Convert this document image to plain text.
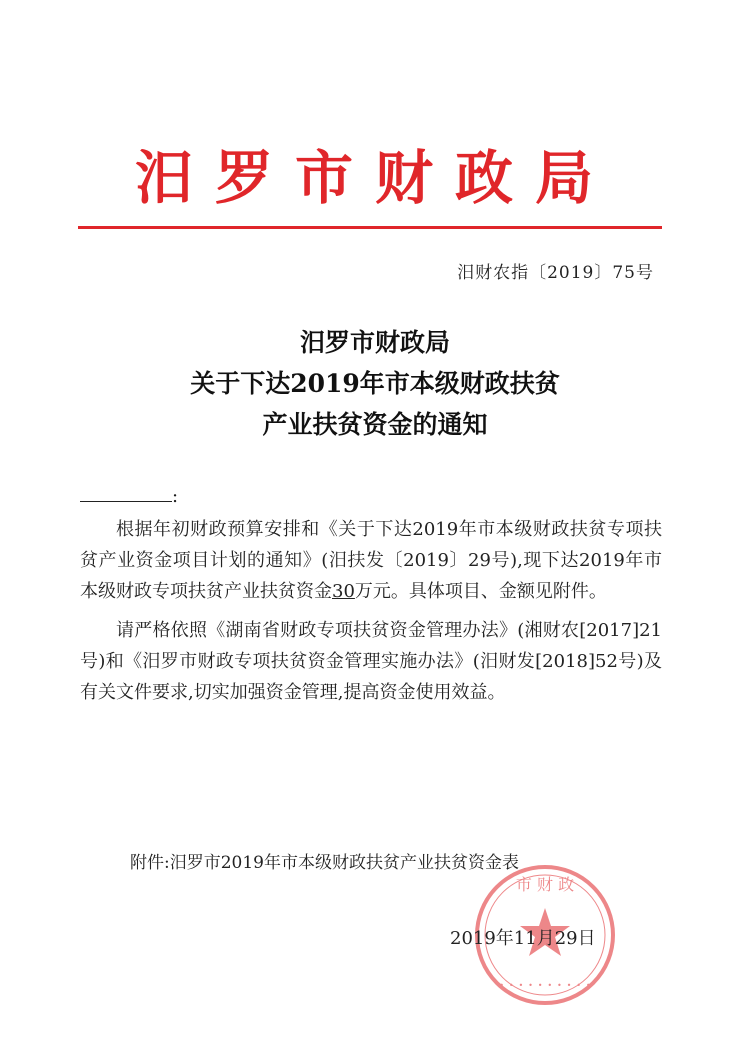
汨罗市财政局
汨财农指〔2019〕75号
汨罗市财政局
关于下达2019年市本级财政扶贫
产业扶贫资金的通知
:

根据年初财政预算安排和《关于下达2019年市本级财政扶贫专项扶贫产业资金项目计划的通知》(汨扶发〔2019〕29号),现下达2019年市本级财政专项扶贫产业扶贫资金30万元。具体项目、金额见附件。

请严格依照《湖南省财政专项扶贫资金管理办法》(湘财农[2017]21号)和《汨罗市财政专项扶贫资金管理实施办法》(汨财发[2018]52号)及有关文件要求,切实加强资金管理,提高资金使用效益。

附件:汨罗市2019年市本级财政扶贫产业扶贫资金表
市 财 政
• • • • • • • • • •
2019年11月29日
